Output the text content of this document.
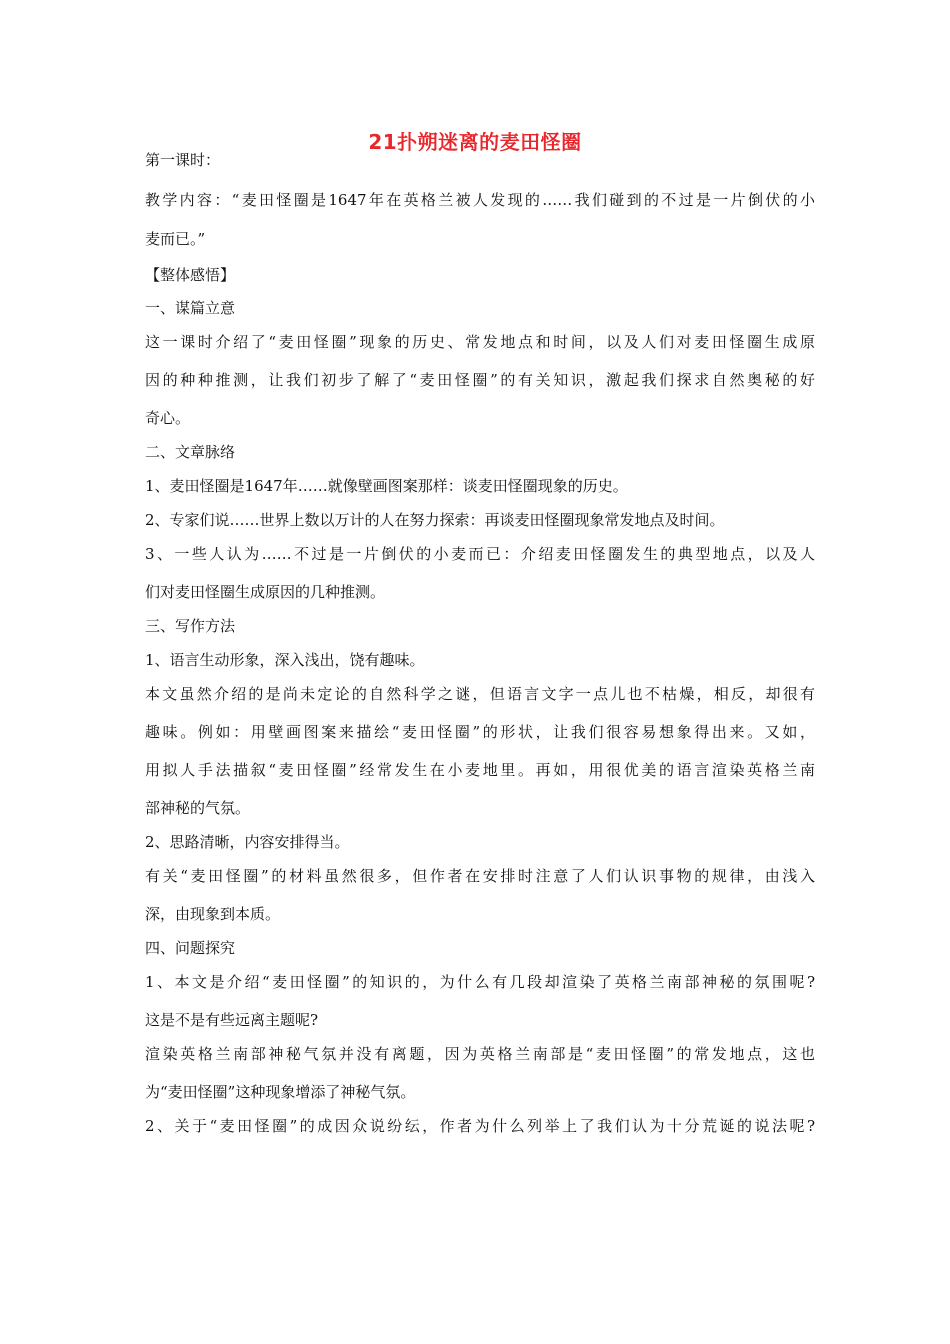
21扑朔迷离的麦田怪圈
第一课时：
教学内容：“麦田怪圈是1647年在英格兰被人发现的……我们碰到的不过是一片倒伏的小
麦而已。”
【整体感悟】
一、谋篇立意
这一课时介绍了“麦田怪圈”现象的历史、常发地点和时间，以及人们对麦田怪圈生成原
因的种种推测，让我们初步了解了“麦田怪圈”的有关知识，激起我们探求自然奥秘的好
奇心。
二、文章脉络
1、麦田怪圈是1647年……就像壁画图案那样：谈麦田怪圈现象的历史。
2、专家们说……世界上数以万计的人在努力探索：再谈麦田怪圈现象常发地点及时间。
3、一些人认为……不过是一片倒伏的小麦而已：介绍麦田怪圈发生的典型地点，以及人
们对麦田怪圈生成原因的几种推测。
三、写作方法
1、语言生动形象，深入浅出，饶有趣味。
本文虽然介绍的是尚未定论的自然科学之谜，但语言文字一点儿也不枯燥，相反，却很有
趣味。例如：用壁画图案来描绘“麦田怪圈”的形状，让我们很容易想象得出来。又如，
用拟人手法描叙“麦田怪圈”经常发生在小麦地里。再如，用很优美的语言渲染英格兰南
部神秘的气氛。
2、思路清晰，内容安排得当。
有关“麦田怪圈”的材料虽然很多，但作者在安排时注意了人们认识事物的规律，由浅入
深，由现象到本质。
四、问题探究
1、本文是介绍“麦田怪圈”的知识的，为什么有几段却渲染了英格兰南部神秘的氛围呢?
这是不是有些远离主题呢?
渲染英格兰南部神秘气氛并没有离题，因为英格兰南部是“麦田怪圈”的常发地点，这也
为“麦田怪圈”这种现象增添了神秘气氛。
2、关于“麦田怪圈”的成因众说纷纭，作者为什么列举上了我们认为十分荒诞的说法呢?
